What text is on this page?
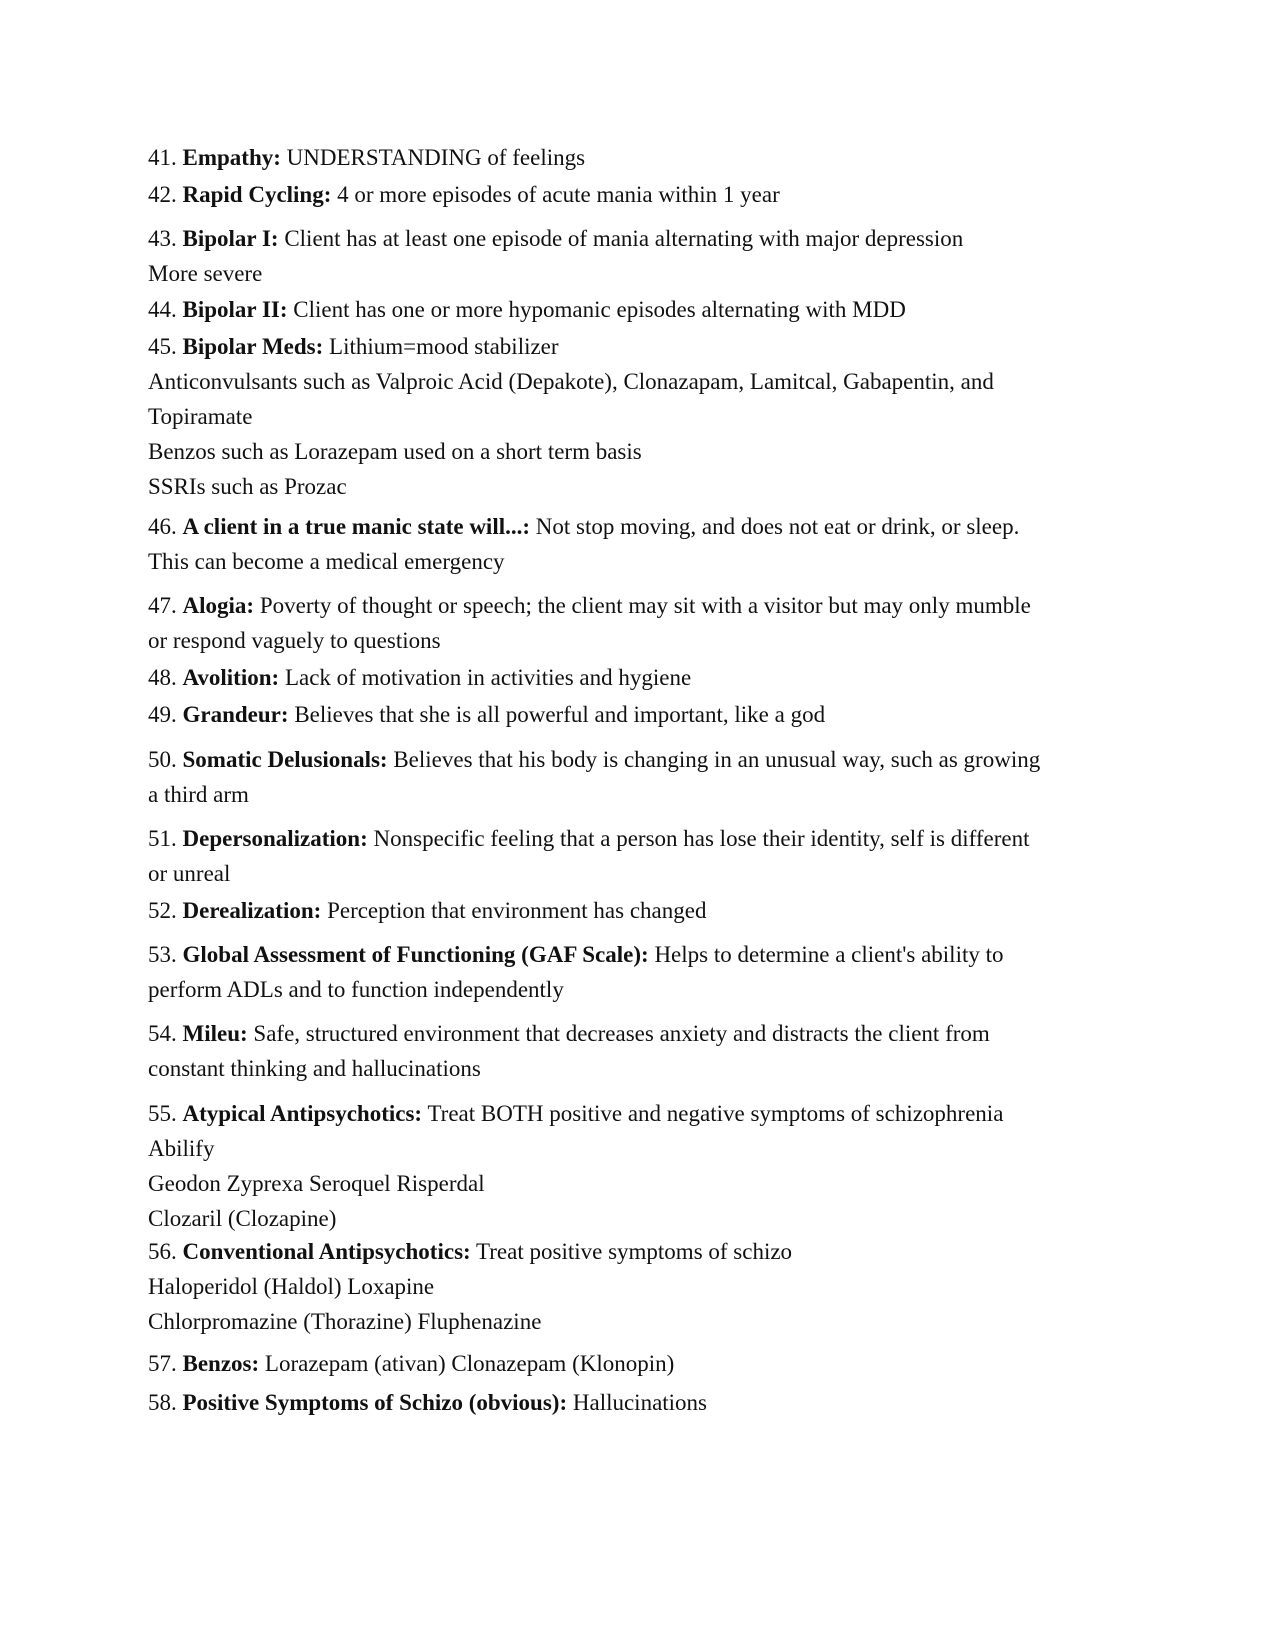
41. Empathy: UNDERSTANDING of feelings
42. Rapid Cycling: 4 or more episodes of acute mania within 1 year
43. Bipolar I: Client has at least one episode of mania alternating with major depression
More severe
44. Bipolar II: Client has one or more hypomanic episodes alternating with MDD
45. Bipolar Meds: Lithium=mood stabilizer
Anticonvulsants such as Valproic Acid (Depakote), Clonazapam, Lamitcal, Gabapentin, and
Topiramate
Benzos such as Lorazepam used on a short term basis
SSRIs such as Prozac
46. A client in a true manic state will...: Not stop moving, and does not eat or drink, or sleep.
This can become a medical emergency
47. Alogia: Poverty of thought or speech; the client may sit with a visitor but may only mumble
or respond vaguely to questions
48. Avolition: Lack of motivation in activities and hygiene
49. Grandeur: Believes that she is all powerful and important, like a god
50. Somatic Delusionals: Believes that his body is changing in an unusual way, such as growing
a third arm
51. Depersonalization: Nonspecific feeling that a person has lose their identity, self is different
or unreal
52. Derealization: Perception that environment has changed
53. Global Assessment of Functioning (GAF Scale): Helps to determine a client's ability to
perform ADLs and to function independently
54. Mileu: Safe, structured environment that decreases anxiety and distracts the client from
constant thinking and hallucinations
55. Atypical Antipsychotics: Treat BOTH positive and negative symptoms of schizophrenia
Abilify
Geodon Zyprexa Seroquel Risperdal
Clozaril (Clozapine)
56. Conventional Antipsychotics: Treat positive symptoms of schizo
Haloperidol (Haldol) Loxapine
Chlorpromazine (Thorazine) Fluphenazine
57. Benzos: Lorazepam (ativan) Clonazepam (Klonopin)
58. Positive Symptoms of Schizo (obvious): Hallucinations
